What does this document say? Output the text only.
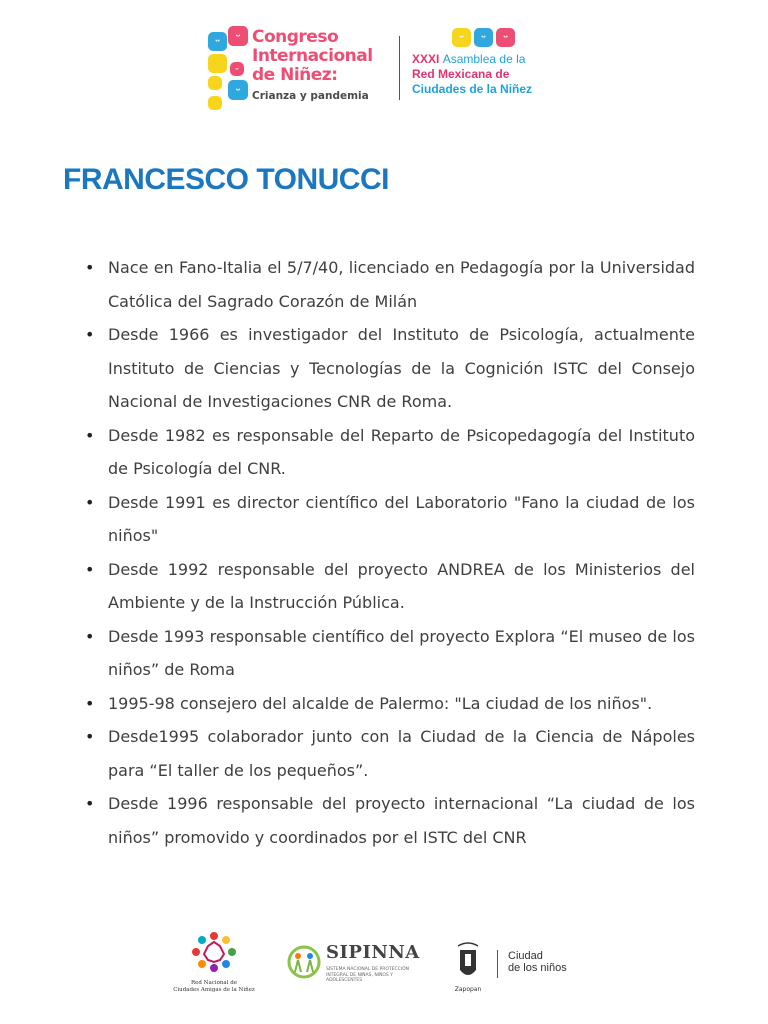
ᵕ	ᵕ
ᵕ
ᵕ
Congreso
Internacional
de Niñez:
Crianza y pandemia
ᵕ	ᵕ	ᵕ
XXXI Asamblea de la
Red Mexicana de
Ciudades de la Niñez
FRANCESCO TONUCCI
• Nace en Fano-Italia el 5/7/40, licenciado en Pedagogía por la Universidad Católica del Sagrado Corazón de Milán
• Desde 1966 es investigador del Instituto de Psicología, actualmente Instituto de Ciencias y Tecnologías de la Cognición ISTC del Consejo Nacional de Investigaciones CNR de Roma.
• Desde 1982 es responsable del Reparto de Psicopedagogía del Instituto de Psicología del CNR.
• Desde 1991 es director científico del Laboratorio "Fano la ciudad de los niños"
• Desde 1992 responsable del proyecto ANDREA de los Ministerios del Ambiente y de la Instrucción Pública.
• Desde 1993 responsable científico del proyecto Explora “El museo de los niños” de Roma
• 1995-98 consejero del alcalde de Palermo: "La ciudad de los niños".
• Desde1995 colaborador junto con la Ciudad de la Ciencia de Nápoles para “El taller de los pequeños”.
• Desde 1996 responsable del proyecto internacional “La ciudad de los niños” promovido y coordinados por el ISTC del CNR
Red Nacional de
Ciudades Amigas de la Niñez
SIPINNA
SISTEMA NACIONAL DE PROTECCIÓN INTEGRAL DE NIÑAS, NIÑOS Y ADOLESCENTES
Zapopan
Ciudad
de los niños
